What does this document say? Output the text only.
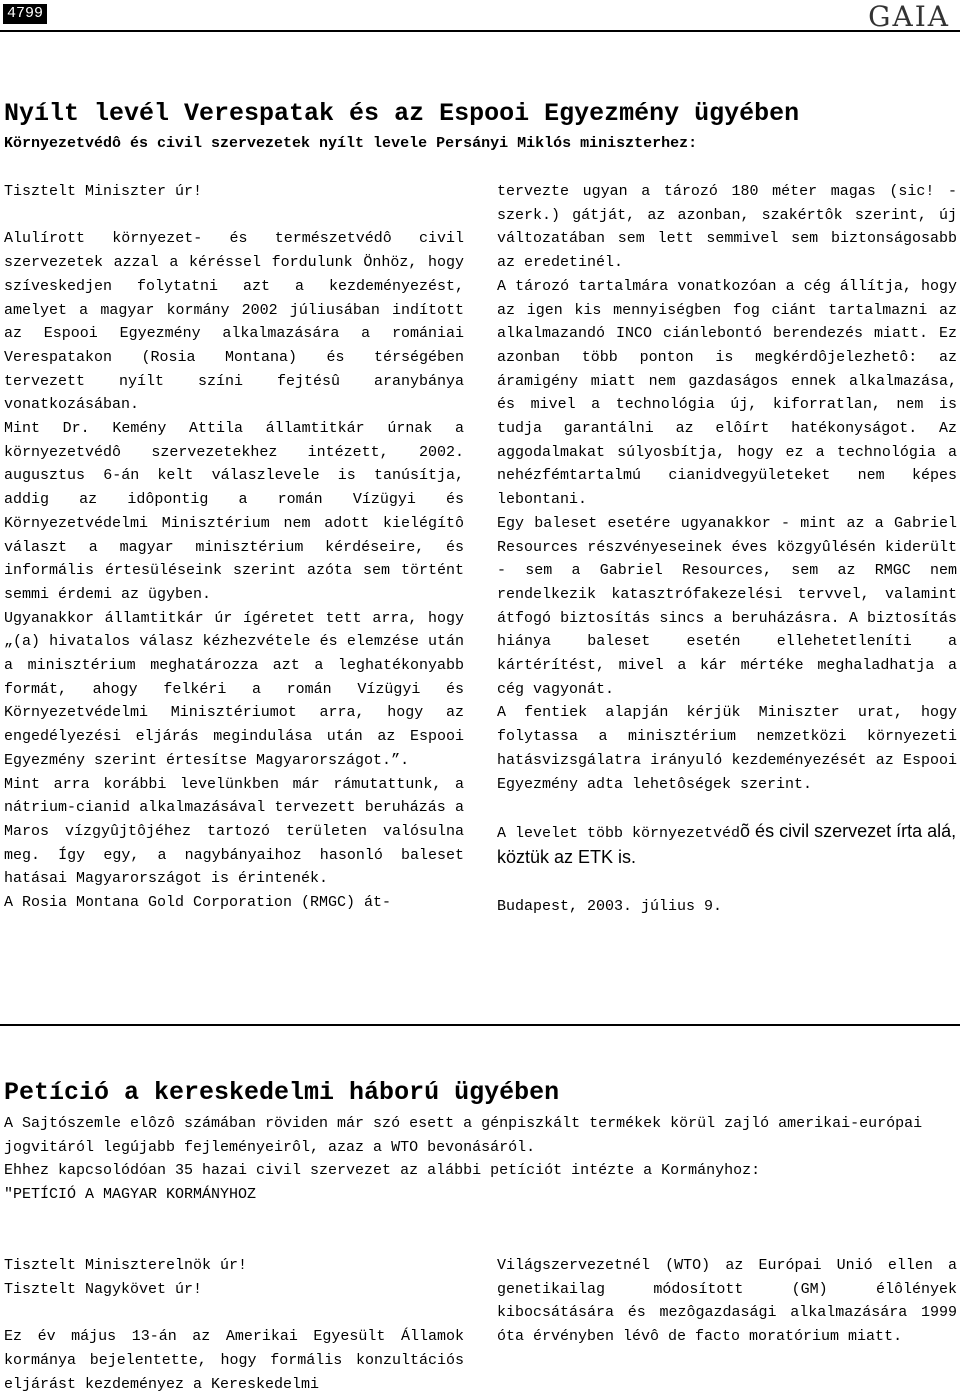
4799	GAIA
Nyílt levél Verespatak és az Espooi Egyezmény ügyében
Környezetvédô és civil szervezetek nyílt levele Persányi Miklós miniszterhez:

Tisztelt Miniszter úr!

Alulírott környezet- és természetvédô civil szervezetek azzal a kéréssel fordulunk Önhöz, hogy szíveskedjen folytatni azt a kezdeményezést, amelyet a magyar kormány 2002 júliusában indított az Espooi Egyezmény alkalmazására a romániai Verespatakon (Rosia Montana) és térségében tervezett nyílt színi fejtésû aranybánya vonatkozásában.

Mint Dr. Kemény Attila államtitkár úrnak a környezetvédô szervezetekhez intézett, 2002. augusztus 6-án kelt válaszlevele is tanúsítja, addig az idôpontig a román Vízügyi és Környezetvédelmi Minisztérium nem adott kielégítô választ a magyar minisztérium kérdéseire, és informális értesüléseink szerint azóta sem történt semmi érdemi az ügyben.

Ugyanakkor államtitkár úr ígéretet tett arra, hogy „(a) hivatalos válasz kézhezvétele és elemzése után a minisztérium meghatározza azt a leghatékonyabb formát, ahogy felkéri a román Vízügyi és Környezetvédelmi Minisztériumot arra, hogy az engedélyezési eljárás megindulása után az Espooi Egyezmény szerint értesítse Magyarországot.”.

Mint arra korábbi levelünkben már rámutattunk, a nátrium-cianid alkalmazásával tervezett beruházás a Maros vízgyûjtôjéhez tartozó területen valósulna meg. Így egy, a nagybányaihoz hasonló baleset hatásai Magyarországot is érintenék.

A Rosia Montana Gold Corporation (RMGC) át-

tervezte ugyan a tározó 180 méter magas (sic! - szerk.) gátját, az azonban, szakértôk szerint, új változatában sem lett semmivel sem biztonságosabb az eredetinél.

A tározó tartalmára vonatkozóan a cég állítja, hogy az igen kis mennyiségben fog ciánt tartalmazni az alkalmazandó INCO ciánlebontó berendezés miatt. Ez azonban több ponton is megkérdôjelezhetô: az áramigény miatt nem gazdaságos ennek alkalmazása, és mivel a technológia új, kiforratlan, nem is tudja garantálni az elôírt hatékonyságot. Az aggodalmakat súlyosbítja, hogy ez a technológia a nehézfémtartalmú cianidvegyületeket nem képes lebontani.

Egy baleset esetére ugyanakkor - mint az a Gabriel Resources részvényeseinek éves közgyûlésén kiderült - sem a Gabriel Resources, sem az RMGC nem rendelkezik katasztrófakezelési tervvel, valamint átfogó biztosítás sincs a beruházásra. A biztosítás hiánya baleset esetén ellehetetleníti a kártérítést, mivel a kár mértéke meghaladhatja a cég vagyonát.

A fentiek alapján kérjük Miniszter urat, hogy folytassa a minisztérium nemzetközi környezeti hatásvizsgálatra irányuló kezdeményezését az Espooi Egyezmény adta lehetôségek szerint.

A levelet több környezetvédõ és civil szervezet írta alá, köztük az ETK is.

Budapest, 2003. július 9.

Petíció a kereskedelmi háború ügyében

A Sajtószemle elôzô számában röviden már szó esett a génpiszkált termékek körül zajló amerikai-európai jogvitáról legújabb fejleményeirôl, azaz a WTO bevonásáról.

Ehhez kapcsolódóan 35 hazai civil szervezet az alábbi petíciót intézte a Kormányhoz:

"PETÍCIÓ A MAGYAR KORMÁNYHOZ

Tisztelt Miniszterelnök úr!

Tisztelt Nagykövet úr!

Ez év május 13-án az Amerikai Egyesült Államok kormánya bejelentette, hogy formális konzultációs eljárást kezdeményez a Kereskedelmi

Világszervezetnél (WTO) az Európai Unió ellen a genetikailag módosított (GM) élôlények kibocsátására és mezôgazdasági alkalmazására 1999 óta érvényben lévô de facto moratórium miatt.
